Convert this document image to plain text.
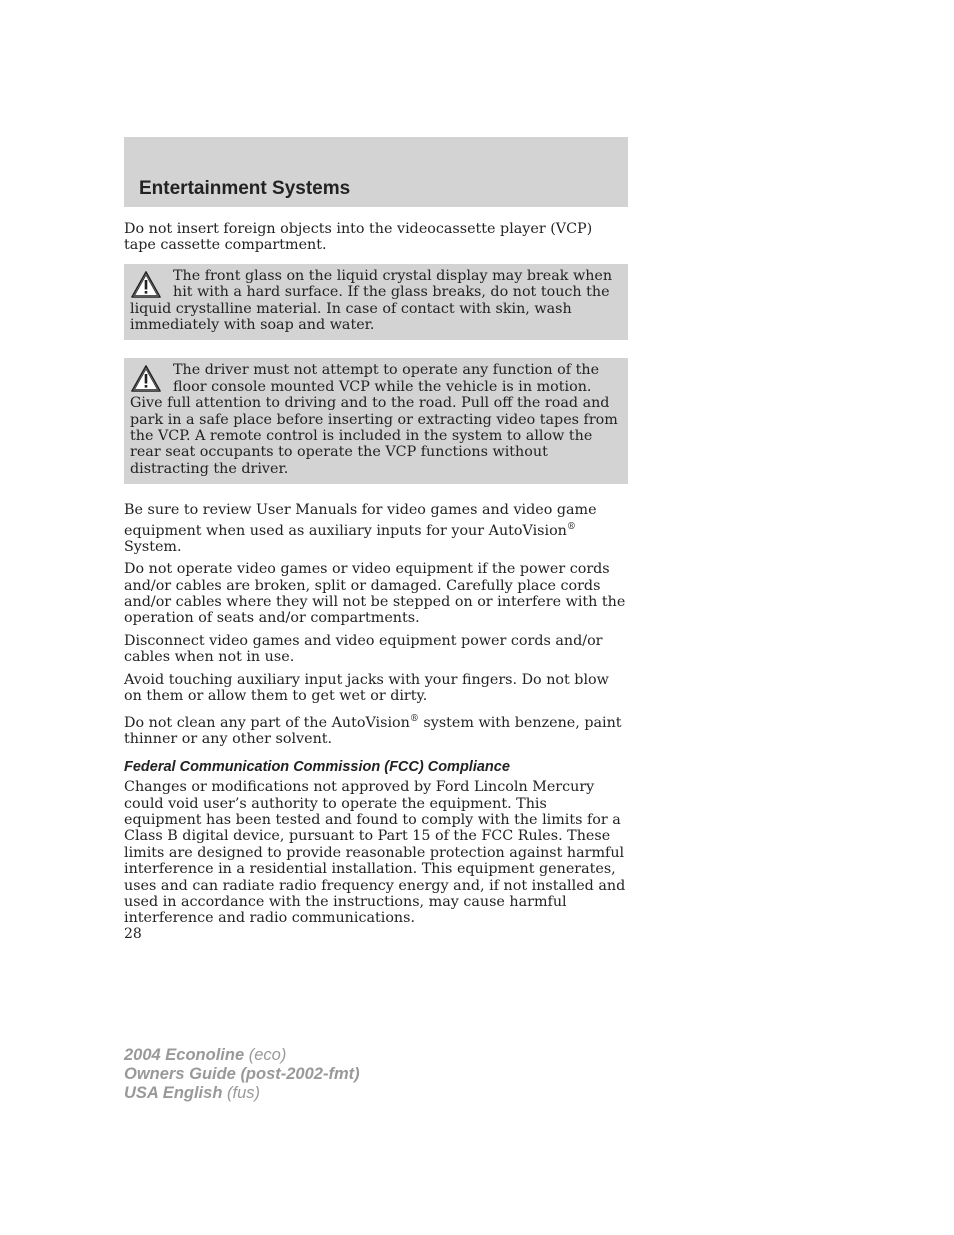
Entertainment Systems

Do not insert foreign objects into the videocassette player (VCP) tape cassette compartment.

The front glass on the liquid crystal display may break when hit with a hard surface. If the glass breaks, do not touch the liquid crystalline material. In case of contact with skin, wash immediately with soap and water.
The driver must not attempt to operate any function of the floor console mounted VCP while the vehicle is in motion. Give full attention to driving and to the road. Pull off the road and park in a safe place before inserting or extracting video tapes from the VCP. A remote control is included in the system to allow the rear seat occupants to operate the VCP functions without distracting the driver.

Be sure to review User Manuals for video games and video game equipment when used as auxiliary inputs for your AutoVision® System.

Do not operate video games or video equipment if the power cords and/or cables are broken, split or damaged. Carefully place cords and/or cables where they will not be stepped on or interfere with the operation of seats and/or compartments.

Disconnect video games and video equipment power cords and/or cables when not in use.

Avoid touching auxiliary input jacks with your fingers. Do not blow on them or allow them to get wet or dirty.

Do not clean any part of the AutoVision® system with benzene, paint thinner or any other solvent.

Federal Communication Commission (FCC) Compliance

Changes or modifications not approved by Ford Lincoln Mercury could void user’s authority to operate the equipment. This equipment has been tested and found to comply with the limits for a Class B digital device, pursuant to Part 15 of the FCC Rules. These limits are designed to provide reasonable protection against harmful interference in a residential installation. This equipment generates, uses and can radiate radio frequency energy and, if not installed and used in accordance with the instructions, may cause harmful interference and radio communications.

28
2004 Econoline (eco)
Owners Guide (post-2002-fmt)
USA English (fus)
